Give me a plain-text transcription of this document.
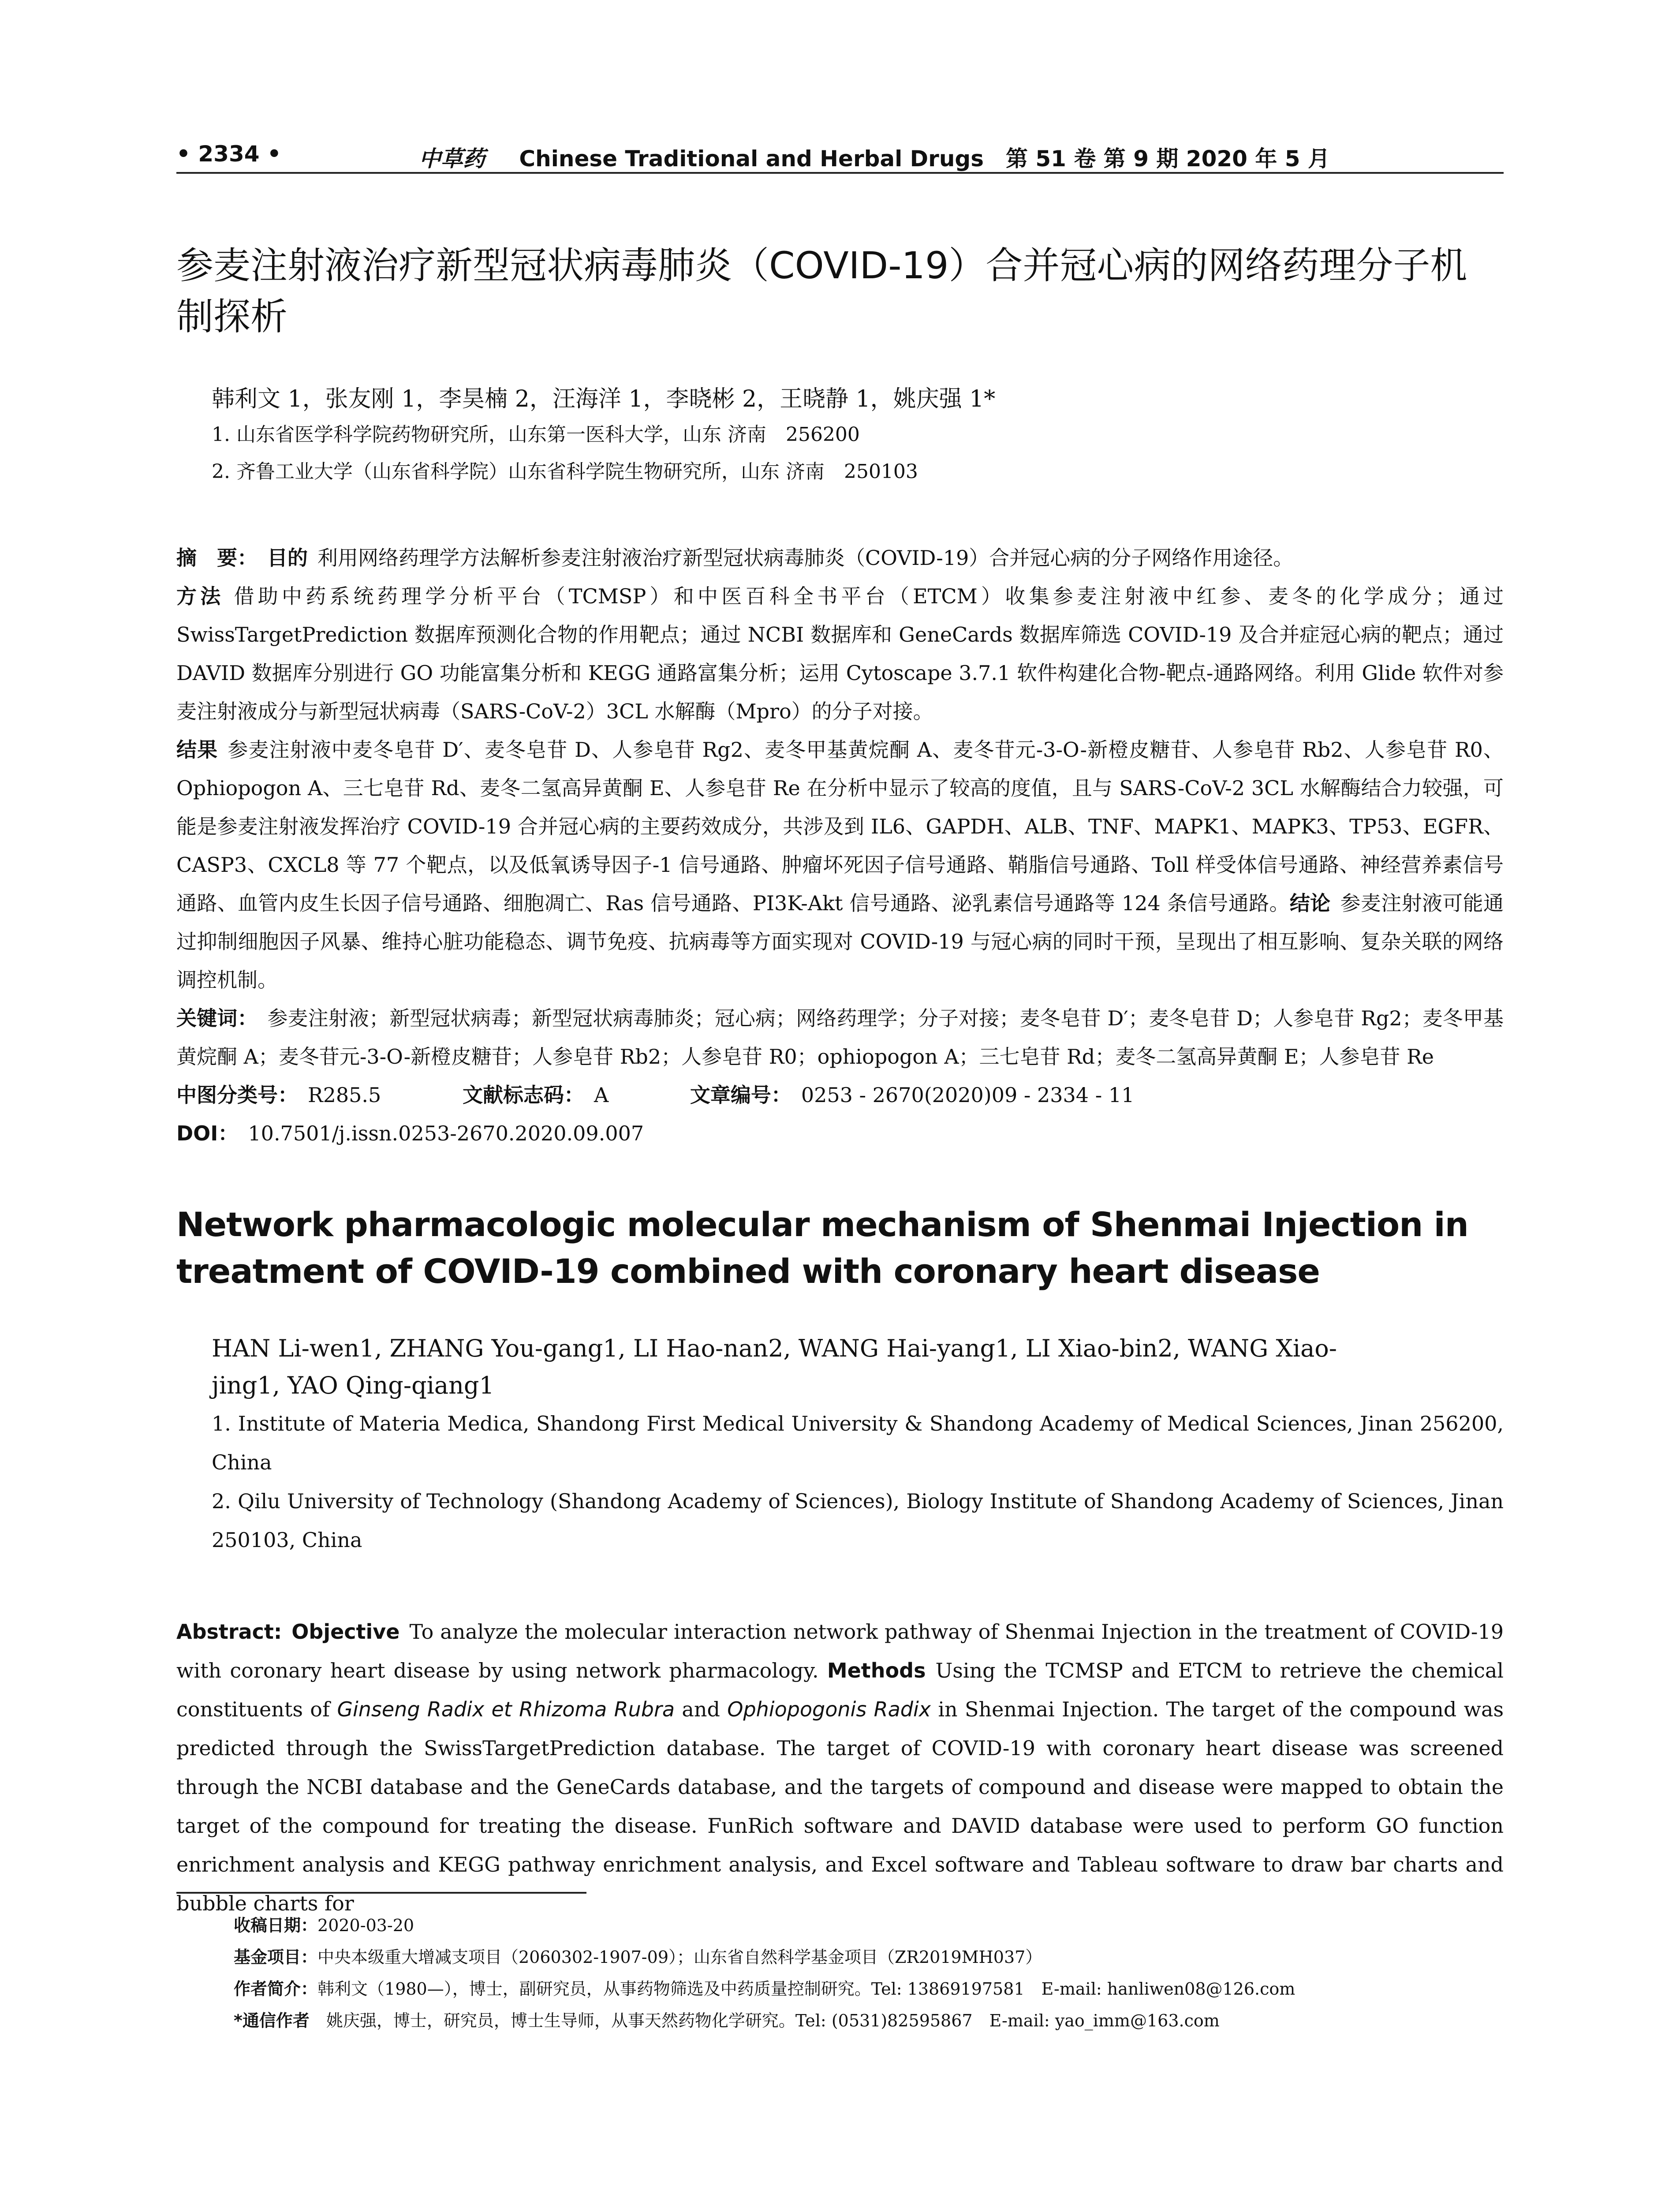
• 2334 •	中草药 Chinese Traditional and Herbal Drugs　第 51 卷 第 9 期 2020 年 5 月
参麦注射液治疗新型冠状病毒肺炎（COVID-19）合并冠心病的网络药理分子机制探析
韩利文 1，张友刚 1，李昊楠 2，汪海洋 1，李晓彬 2，王晓静 1，姚庆强 1*
1. 山东省医学科学院药物研究所，山东第一医科大学，山东 济南　256200
2. 齐鲁工业大学（山东省科学院）山东省科学院生物研究所，山东 济南　250103
摘　要： 目的 利用网络药理学方法解析参麦注射液治疗新型冠状病毒肺炎（COVID-19）合并冠心病的分子网络作用途径。
方法 借助中药系统药理学分析平台（TCMSP）和中医百科全书平台（ETCM）收集参麦注射液中红参、麦冬的化学成分；通过 SwissTargetPrediction 数据库预测化合物的作用靶点；通过 NCBI 数据库和 GeneCards 数据库筛选 COVID-19 及合并症冠心病的靶点；通过 DAVID 数据库分别进行 GO 功能富集分析和 KEGG 通路富集分析；运用 Cytoscape 3.7.1 软件构建化合物-靶点-通路网络。利用 Glide 软件对参麦注射液成分与新型冠状病毒（SARS-CoV-2）3CL 水解酶（Mpro）的分子对接。
结果 参麦注射液中麦冬皂苷 D′、麦冬皂苷 D、人参皂苷 Rg2、麦冬甲基黄烷酮 A、麦冬苷元-3-O-新橙皮糖苷、人参皂苷 Rb2、人参皂苷 R0、Ophiopogon A、三七皂苷 Rd、麦冬二氢高异黄酮 E、人参皂苷 Re 在分析中显示了较高的度值，且与 SARS-CoV-2 3CL 水解酶结合力较强，可能是参麦注射液发挥治疗 COVID-19 合并冠心病的主要药效成分，共涉及到 IL6、GAPDH、ALB、TNF、MAPK1、MAPK3、TP53、EGFR、CASP3、CXCL8 等 77 个靶点，以及低氧诱导因子-1 信号通路、肿瘤坏死因子信号通路、鞘脂信号通路、Toll 样受体信号通路、神经营养素信号通路、血管内皮生长因子信号通路、细胞凋亡、Ras 信号通路、PI3K-Akt 信号通路、泌乳素信号通路等 124 条信号通路。结论 参麦注射液可能通过抑制细胞因子风暴、维持心脏功能稳态、调节免疫、抗病毒等方面实现对 COVID-19 与冠心病的同时干预，呈现出了相互影响、复杂关联的网络调控机制。
关键词： 参麦注射液；新型冠状病毒；新型冠状病毒肺炎；冠心病；网络药理学；分子对接；麦冬皂苷 D′；麦冬皂苷 D；人参皂苷 Rg2；麦冬甲基黄烷酮 A；麦冬苷元-3-O-新橙皮糖苷；人参皂苷 Rb2；人参皂苷 R0；ophiopogon A；三七皂苷 Rd；麦冬二氢高异黄酮 E；人参皂苷 Re
中图分类号： R285.5	文献标志码： A	文章编号： 0253 - 2670(2020)09 - 2334 - 11
DOI： 10.7501/j.issn.0253-2670.2020.09.007
Network pharmacologic molecular mechanism of Shenmai Injection in treatment of COVID-19 combined with coronary heart disease
HAN Li-wen1, ZHANG You-gang1, LI Hao-nan2, WANG Hai-yang1, LI Xiao-bin2, WANG Xiao-jing1, YAO Qing-qiang1
1. Institute of Materia Medica, Shandong First Medical University & Shandong Academy of Medical Sciences, Jinan 256200, China
2. Qilu University of Technology (Shandong Academy of Sciences), Biology Institute of Shandong Academy of Sciences, Jinan 250103, China
Abstract: Objective To analyze the molecular interaction network pathway of Shenmai Injection in the treatment of COVID-19 with coronary heart disease by using network pharmacology. Methods Using the TCMSP and ETCM to retrieve the chemical constituents of Ginseng Radix et Rhizoma Rubra and Ophiopogonis Radix in Shenmai Injection. The target of the compound was predicted through the SwissTargetPrediction database. The target of COVID-19 with coronary heart disease was screened through the NCBI database and the GeneCards database, and the targets of compound and disease were mapped to obtain the target of the compound for treating the disease. FunRich software and DAVID database were used to perform GO function enrichment analysis and KEGG pathway enrichment analysis, and Excel software and Tableau software to draw bar charts and bubble charts for
收稿日期：2020-03-20
基金项目：中央本级重大增减支项目（2060302-1907-09）；山东省自然科学基金项目（ZR2019MH037）
作者简介：韩利文（1980—），博士，副研究员，从事药物筛选及中药质量控制研究。Tel: 13869197581　E-mail: hanliwen08@126.com
*通信作者　 姚庆强，博士，研究员，博士生导师，从事天然药物化学研究。Tel: (0531)82595867　E-mail: yao_imm@163.com
